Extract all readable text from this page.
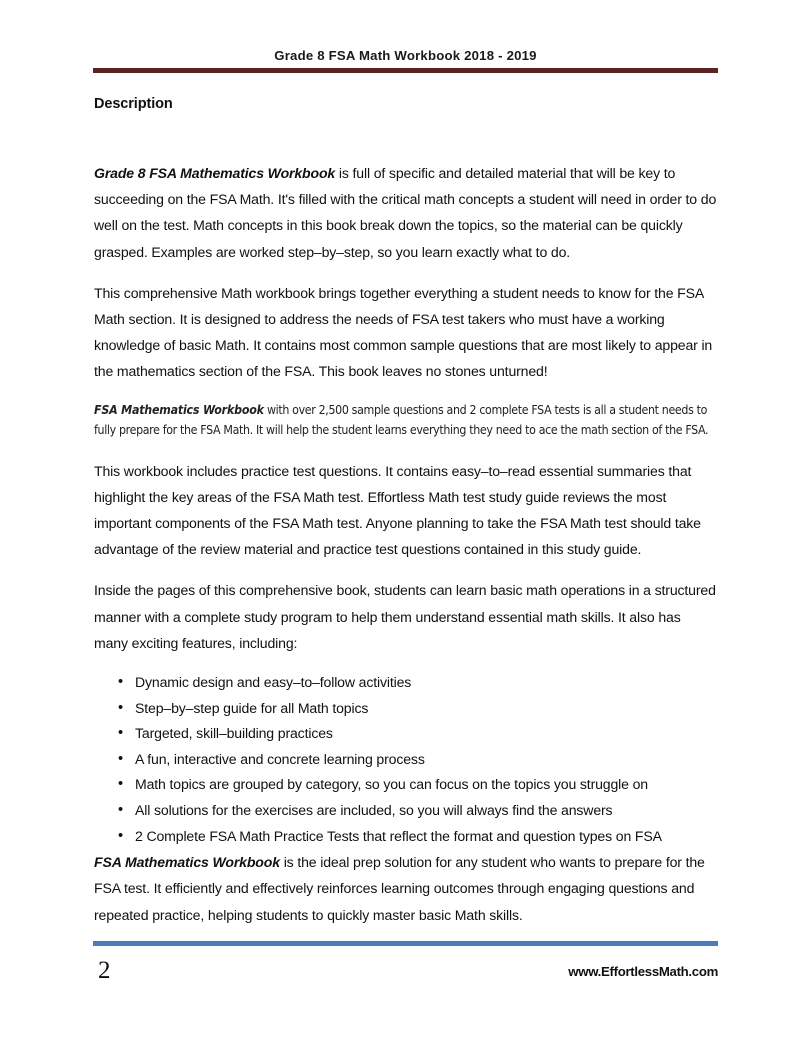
Grade 8 FSA Math Workbook 2018 - 2019
Description

Grade 8 FSA Mathematics Workbook is full of specific and detailed material that will be key to succeeding on the FSA Math. It's filled with the critical math concepts a student will need in order to do well on the test. Math concepts in this book break down the topics, so the material can be quickly grasped. Examples are worked step–by–step, so you learn exactly what to do.

This comprehensive Math workbook brings together everything a student needs to know for the FSA Math section. It is designed to address the needs of FSA test takers who must have a working knowledge of basic Math. It contains most common sample questions that are most likely to appear in the mathematics section of the FSA. This book leaves no stones unturned!

FSA Mathematics Workbook with over 2,500 sample questions and 2 complete FSA tests is all a student needs to fully prepare for the FSA Math. It will help the student learns everything they need to ace the math section of the FSA.

This workbook includes practice test questions. It contains easy–to–read essential summaries that highlight the key areas of the FSA Math test. Effortless Math test study guide reviews the most important components of the FSA Math test. Anyone planning to take the FSA Math test should take advantage of the review material and practice test questions contained in this study guide.

Inside the pages of this comprehensive book, students can learn basic math operations in a structured manner with a complete study program to help them understand essential math skills. It also has many exciting features, including:

• Dynamic design and easy–to–follow activities
• Step–by–step guide for all Math topics
• Targeted, skill–building practices
• A fun, interactive and concrete learning process
• Math topics are grouped by category, so you can focus on the topics you struggle on
• All solutions for the exercises are included, so you will always find the answers
• 2 Complete FSA Math Practice Tests that reflect the format and question types on FSA

FSA Mathematics Workbook is the ideal prep solution for any student who wants to prepare for the FSA test. It efficiently and effectively reinforces learning outcomes through engaging questions and repeated practice, helping students to quickly master basic Math skills.

2	www.EffortlessMath.com
